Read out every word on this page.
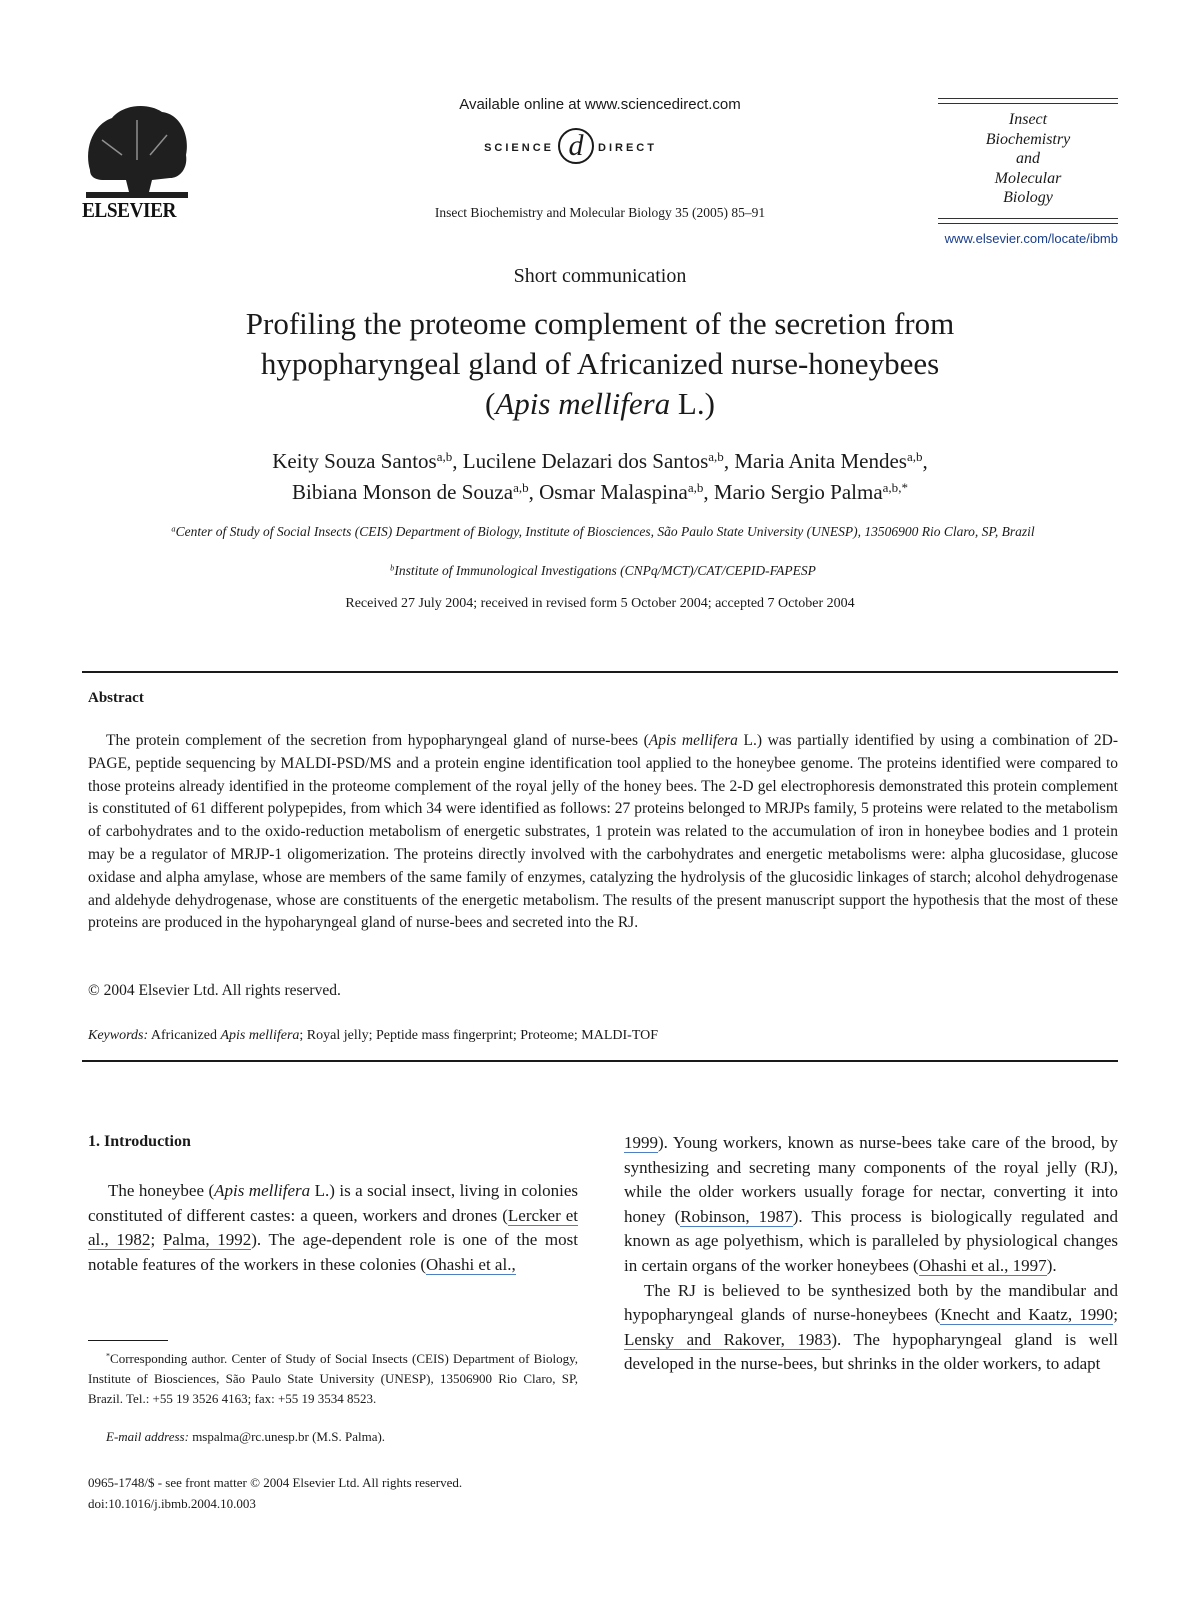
ELSEVIER
Available online at www.sciencedirect.com
SCIENCE d DIRECT
Insect Biochemistry and Molecular Biology 35 (2005) 85–91
Insect
Biochemistry
and
Molecular
Biology
www.elsevier.com/locate/ibmb
Short communication
Profiling the proteome complement of the secretion from
hypopharyngeal gland of Africanized nurse-honeybees
(Apis mellifera L.)
Keity Souza Santos$^{a,b}$, Lucilene Delazari dos Santos$^{a,b}$, Maria Anita Mendes$^{a,b}$,
Bibiana Monson de Souza$^{a,b}$, Osmar Malaspina$^{a,b}$, Mario Sergio Palma$^{a,b,*}$
$^a$Center of Study of Social Insects (CEIS) Department of Biology, Institute of Biosciences, São Paulo State University (UNESP), 13506900 Rio Claro, SP, Brazil
$^b$Institute of Immunological Investigations (CNPq/MCT)/CAT/CEPID-FAPESP
Received 27 July 2004; received in revised form 5 October 2004; accepted 7 October 2004
Abstract
The protein complement of the secretion from hypopharyngeal gland of nurse-bees (Apis mellifera L.) was partially identified by using a combination of 2D-PAGE, peptide sequencing by MALDI-PSD/MS and a protein engine identification tool applied to the honeybee genome. The proteins identified were compared to those proteins already identified in the proteome complement of the royal jelly of the honey bees. The 2-D gel electrophoresis demonstrated this protein complement is constituted of 61 different polypepides, from which 34 were identified as follows: 27 proteins belonged to MRJPs family, 5 proteins were related to the metabolism of carbohydrates and to the oxido-reduction metabolism of energetic substrates, 1 protein was related to the accumulation of iron in honeybee bodies and 1 protein may be a regulator of MRJP-1 oligomerization. The proteins directly involved with the carbohydrates and energetic metabolisms were: alpha glucosidase, glucose oxidase and alpha amylase, whose are members of the same family of enzymes, catalyzing the hydrolysis of the glucosidic linkages of starch; alcohol dehydrogenase and aldehyde dehydrogenase, whose are constituents of the energetic metabolism. The results of the present manuscript support the hypothesis that the most of these proteins are produced in the hypoharyngeal gland of nurse-bees and secreted into the RJ.
© 2004 Elsevier Ltd. All rights reserved.
Keywords: Africanized Apis mellifera; Royal jelly; Peptide mass fingerprint; Proteome; MALDI-TOF
1. Introduction
The honeybee (Apis mellifera L.) is a social insect, living in colonies constituted of different castes: a queen, workers and drones (Lercker et al., 1982; Palma, 1992). The age-dependent role is one of the most notable features of the workers in these colonies (Ohashi et al.,

1999). Young workers, known as nurse-bees take care of the brood, by synthesizing and secreting many components of the royal jelly (RJ), while the older workers usually forage for nectar, converting it into honey (Robinson, 1987). This process is biologically regulated and known as age polyethism, which is paralleled by physiological changes in certain organs of the worker honeybees (Ohashi et al., 1997).

The RJ is believed to be synthesized both by the mandibular and hypopharyngeal glands of nurse-honeybees (Knecht and Kaatz, 1990; Lensky and Rakover, 1983). The hypopharyngeal gland is well developed in the nurse-bees, but shrinks in the older workers, to adapt

*Corresponding author. Center of Study of Social Insects (CEIS) Department of Biology, Institute of Biosciences, São Paulo State University (UNESP), 13506900 Rio Claro, SP, Brazil. Tel.: +55 19 3526 4163; fax: +55 19 3534 8523.
E-mail address: mspalma@rc.unesp.br (M.S. Palma).
0965-1748/$ - see front matter © 2004 Elsevier Ltd. All rights reserved.
doi:10.1016/j.ibmb.2004.10.003
